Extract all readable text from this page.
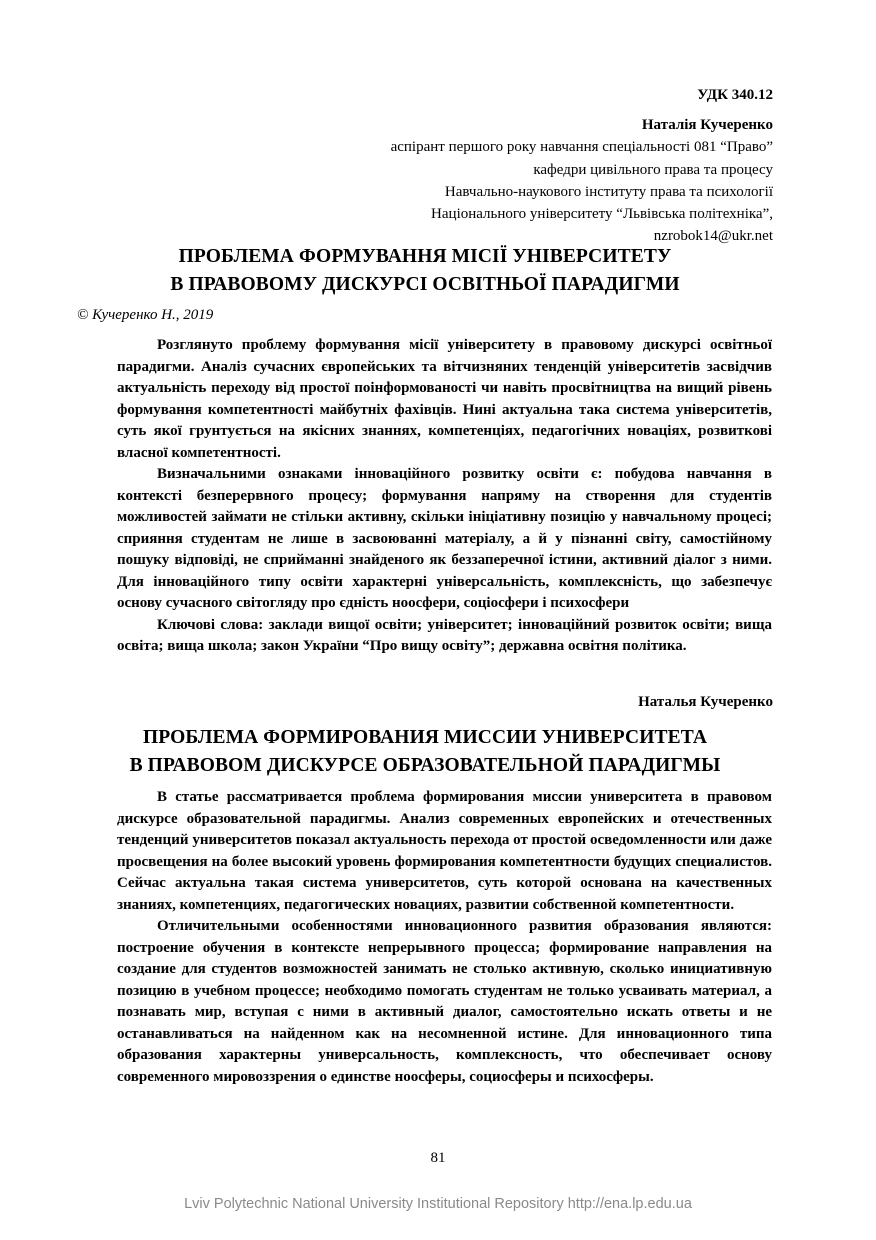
УДК 340.12
Наталія Кучеренко
аспірант першого року навчання спеціальності 081 “Право”
кафедри цивільного права та процесу
Навчально-наукового інституту права та психології
Національного університету “Львівська політехніка”,
nzrobok14@ukr.net
ПРОБЛЕМА ФОРМУВАННЯ МІСІЇ УНІВЕРСИТЕТУ
В ПРАВОВОМУ ДИСКУРСІ ОСВІТНЬОЇ ПАРАДИГМИ
© Кучеренко Н., 2019

Розглянуто проблему формування місії університету в правовому дискурсі освітньої парадигми. Аналіз сучасних європейських та вітчизняних тенденцій університетів засвідчив актуальність переходу від простої поінформованості чи навіть просвітництва на вищий рівень формування компетентності майбутніх фахівців. Нині актуальна така система університетів, суть якої грунтується на якісних знаннях, компетенціях, педагогічних новаціях, розвиткові власної компетентності.

Визначальними ознаками інноваційного розвитку освіти є: побудова навчання в контексті безперервного процесу; формування напряму на створення для студентів можливостей займати не стільки активну, скільки ініціативну позицію у навчальному процесі; сприяння студентам не лише в засвоюванні матеріалу, а й у пізнанні світу, самостійному пошуку відповіді, не сприйманні знайденого як беззаперечної істини, активний діалог з ними. Для інноваційного типу освіти характерні універсальність, комплексність, що забезпечує основу сучасного світогляду про єдність ноосфери, соціосфери і психосфери

Ключові слова: заклади вищої освіти; університет; інноваційний розвиток освіти; вища освіта; вища школа; закон України “Про вищу освіту”; державна освітня політика.

Наталья Кучеренко
ПРОБЛЕМА ФОРМИРОВАНИЯ МИССИИ УНИВЕРСИТЕТА
В ПРАВОВОМ ДИСКУРСЕ ОБРАЗОВАТЕЛЬНОЙ ПАРАДИГМЫ

В статье рассматривается проблема формирования миссии университета в правовом дискурсе образовательной парадигмы. Анализ современных европейских и отечественных тенденций университетов показал актуальность перехода от простой осведомленности или даже просвещения на более высокий уровень формирования компетентности будущих специалистов. Сейчас актуальна такая система университетов, суть которой основана на качественных знаниях, компетенциях, педагогических новациях, развитии собственной компетентности.

Отличительными особенностями инновационного развития образования являются: построение обучения в контексте непрерывного процесса; формирование направления на создание для студентов возможностей занимать не столько активную, сколько инициативную позицию в учебном процессе; необходимо помогать студентам не только усваивать материал, а познавать мир, вступая с ними в активный диалог, самостоятельно искать ответы и не останавливаться на найденном как на несомненной истине. Для инновационного типа образования характерны универсальность, комплексность, что обеспечивает основу современного мировоззрения о единстве ноосферы, социосферы и психосферы.

81
Lviv Polytechnic National University Institutional Repository http://ena.lp.edu.ua
